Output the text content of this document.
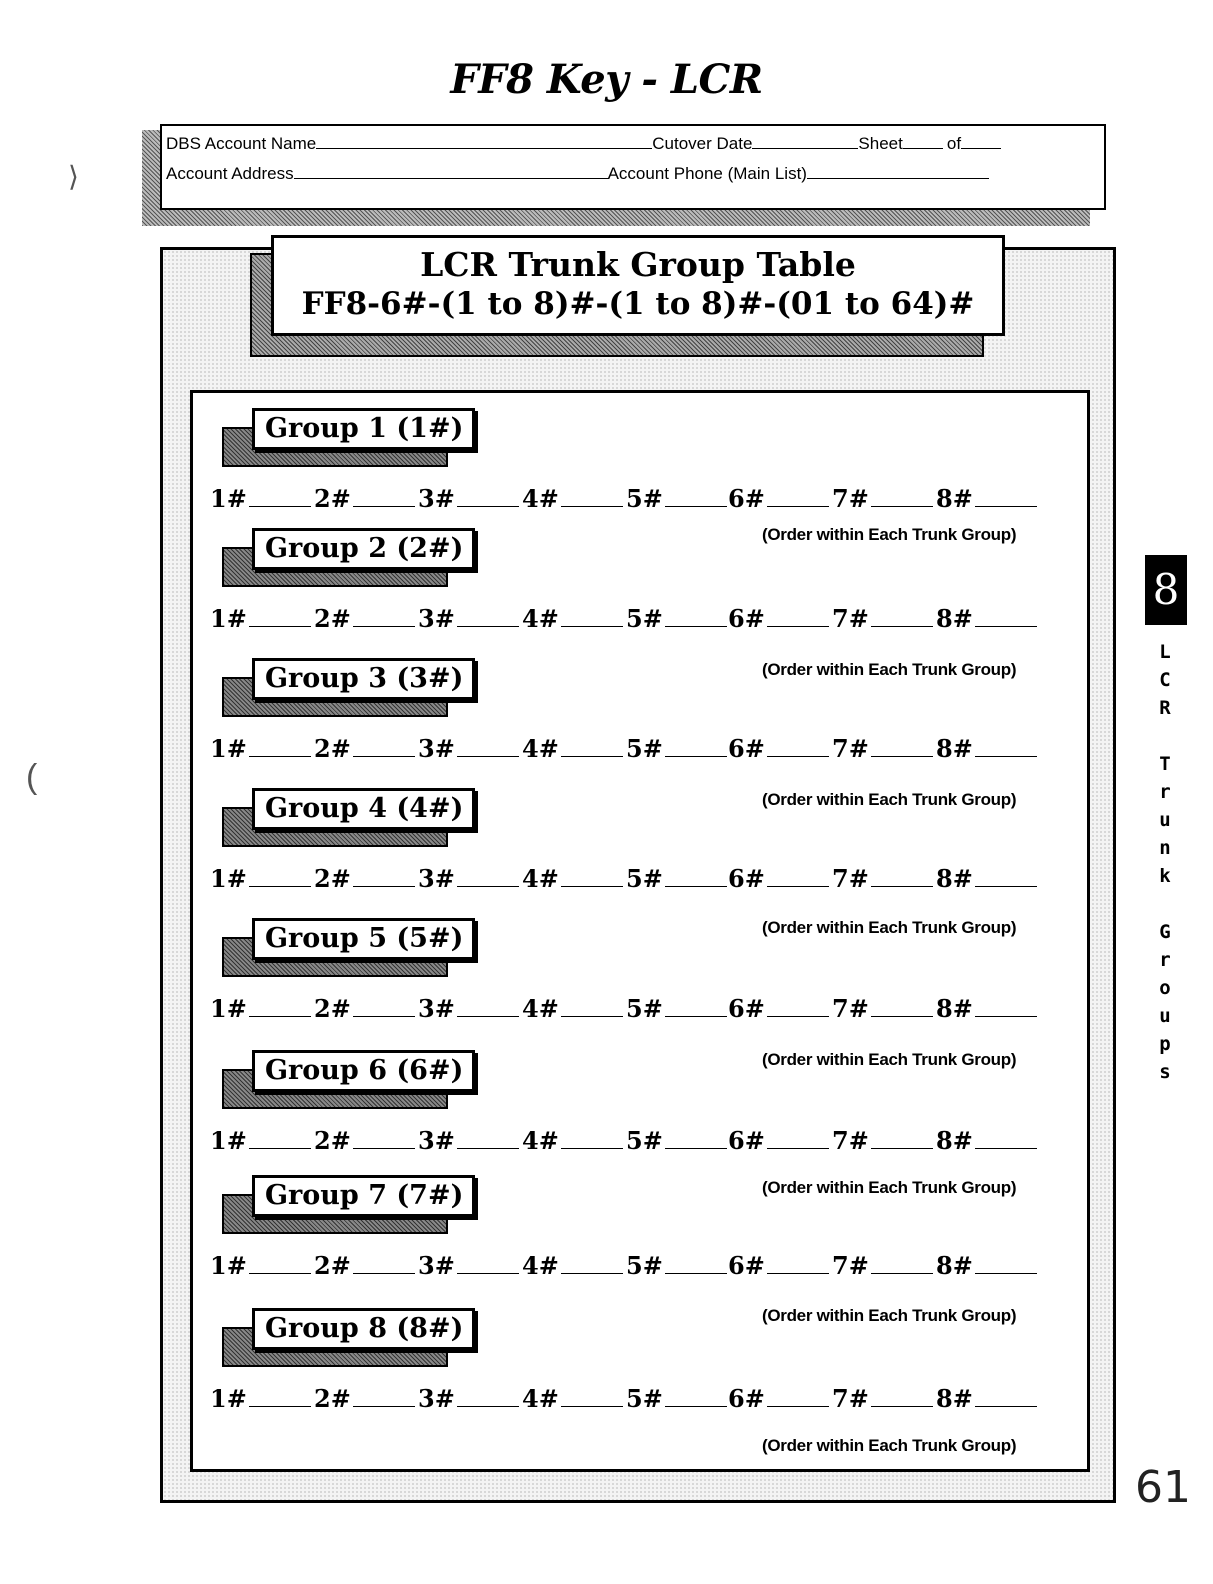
FF8 Key - LCR
DBS Account Name	Cutover Date	Sheet	of
Account Address	Account Phone (Main List)
LCR Trunk Group Table
FF8-6#-(1 to 8)#-(1 to 8)#-(01 to 64)#
Group 1 (1#)
1#	2#	3#	4#	5#	6#	7#	8#
(Order within Each Trunk Group)
Group 2 (2#)
1#	2#	3#	4#	5#	6#	7#	8#
(Order within Each Trunk Group)
Group 3 (3#)
1#	2#	3#	4#	5#	6#	7#	8#
(Order within Each Trunk Group)
Group 4 (4#)
1#	2#	3#	4#	5#	6#	7#	8#
(Order within Each Trunk Group)
Group 5 (5#)
1#	2#	3#	4#	5#	6#	7#	8#
(Order within Each Trunk Group)
Group 6 (6#)
1#	2#	3#	4#	5#	6#	7#	8#
(Order within Each Trunk Group)
Group 7 (7#)
1#	2#	3#	4#	5#	6#	7#	8#
(Order within Each Trunk Group)
Group 8 (8#)
1#	2#	3#	4#	5#	6#	7#	8#
(Order within Each Trunk Group)
8
L
C
R
T
r
u
n
k
G
r
o
u
p
s
61
⟩
(
